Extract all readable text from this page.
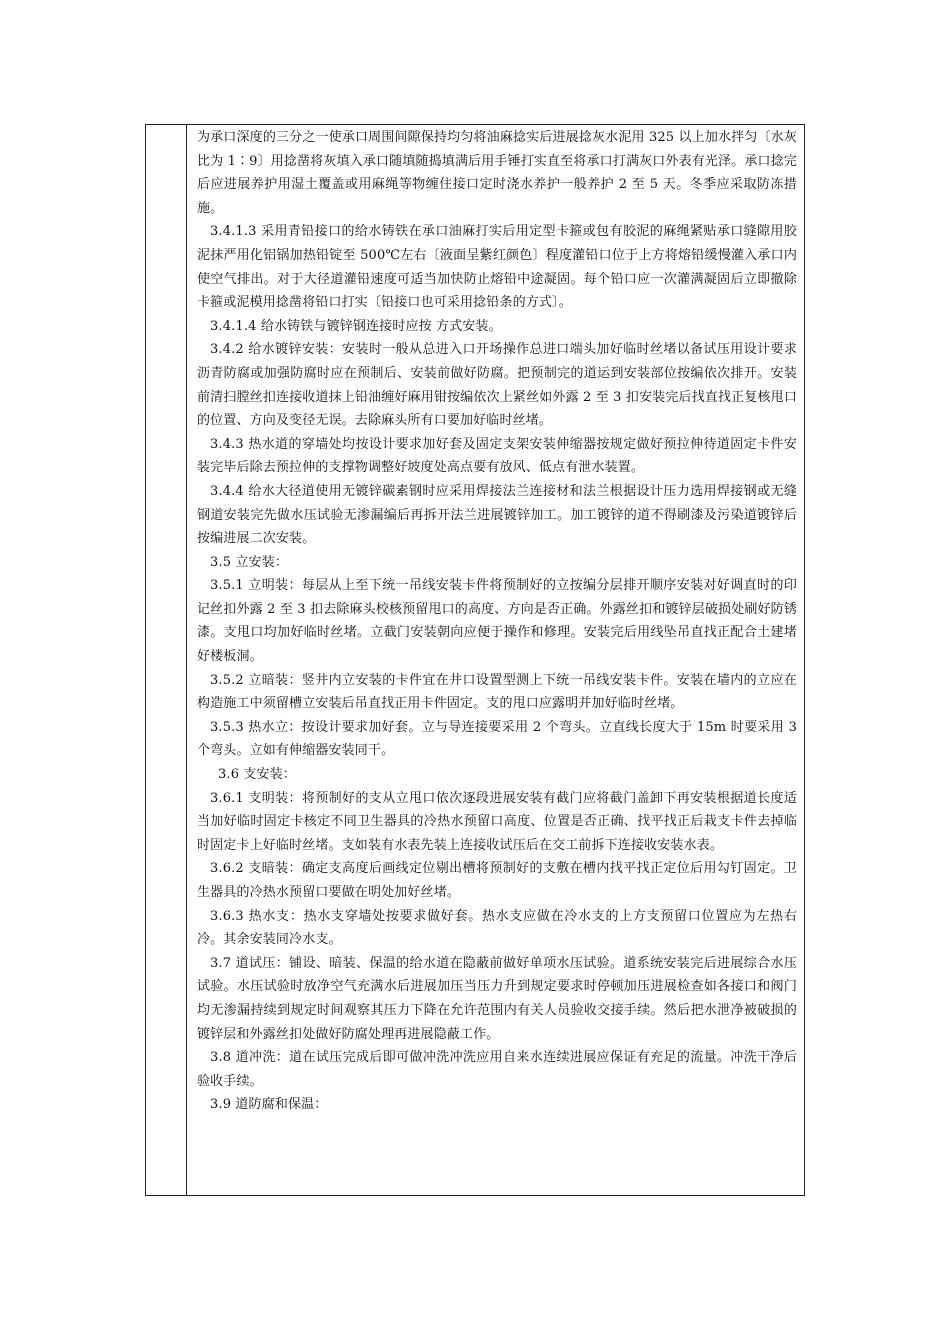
为承口深度的三分之一使承口周围间隙保持均匀将油麻捻实后进展捻灰水泥用 325 以上加水拌匀〔水灰比为 1∶9〕用捻凿将灰填入承口随填随捣填满后用手锤打实直至将承口打满灰口外表有光泽。承口捻完后应进展养护用湿土覆盖或用麻绳等物缠住接口定时浇水养护一般养护 2 至 5 天。冬季应采取防冻措施。

3.4.1.3 采用青铅接口的给水铸铁在承口油麻打实后用定型卡箍或包有胶泥的麻绳紧贴承口缝隙用胶泥抹严用化铝锅加热铅锭至 500℃左右〔液面呈紫红颜色〕程度灌铅口位于上方将熔铅缓慢灌入承口内使空气排出。对于大径道灌铅速度可适当加快防止熔铅中途凝固。每个铅口应一次灌满凝固后立即撤除卡箍或泥模用捻凿将铅口打实〔铅接口也可采用捻铅条的方式〕。

3.4.1.4 给水铸铁与镀锌钢连接时应按 方式安装。

3.4.2 给水镀锌安装：安装时一般从总进入口开场操作总进口端头加好临时丝堵以备试压用设计要求沥青防腐或加强防腐时应在预制后、安装前做好防腐。把预制完的道运到安装部位按编依次排开。安装前清扫膛丝扣连接收道抹上铅油缠好麻用钳按编依次上紧丝如外露 2 至 3 扣安装完后找直找正复核甩口的位置、方向及变径无误。去除麻头所有口要加好临时丝堵。

3.4.3 热水道的穿墙处均按设计要求加好套及固定支架安装伸缩器按规定做好预拉伸待道固定卡件安装完毕后除去预拉伸的支撑物调整好坡度处高点要有放风、低点有泄水装置。

3.4.4 给水大径道使用无镀锌碳素钢时应采用焊接法兰连接材和法兰根据设计压力选用焊接钢或无缝钢道安装完先做水压试验无渗漏编后再拆开法兰进展镀锌加工。加工镀锌的道不得刷漆及污染道镀锌后按编进展二次安装。

3.5 立安装：

3.5.1 立明装：每层从上至下统一吊线安装卡件将预制好的立按编分层排开顺序安装对好调直时的印记丝扣外露 2 至 3 扣去除麻头校核预留甩口的高度、方向是否正确。外露丝扣和镀锌层破损处刷好防锈漆。支甩口均加好临时丝堵。立截门安装朝向应便于操作和修理。安装完后用线坠吊直找正配合土建堵好楼板洞。

3.5.2 立暗装：竖井内立安装的卡件宜在井口设置型测上下统一吊线安装卡件。安装在墙内的立应在构造施工中须留槽立安装后吊直找正用卡件固定。支的甩口应露明并加好临时丝堵。

3.5.3 热水立：按设计要求加好套。立与导连接要采用 2 个弯头。立直线长度大于 15m 时要采用 3 个弯头。立如有伸缩器安装同干。

3.6 支安装：

3.6.1 支明装：将预制好的支从立甩口依次逐段进展安装有截门应将截门盖卸下再安装根据道长度适当加好临时固定卡核定不同卫生器具的冷热水预留口高度、位置是否正确、找平找正后栽支卡件去掉临时固定卡上好临时丝堵。支如装有水表先装上连接收试压后在交工前拆下连接收安装水表。

3.6.2 支暗装：确定支高度后画线定位剔出槽将预制好的支敷在槽内找平找正定位后用勾钉固定。卫生器具的冷热水预留口要做在明处加好丝堵。

3.6.3 热水支：热水支穿墙处按要求做好套。热水支应做在冷水支的上方支预留口位置应为左热右冷。其余安装同冷水支。

3.7 道试压：铺设、暗装、保温的给水道在隐蔽前做好单项水压试验。道系统安装完后进展综合水压试验。水压试验时放净空气充满水后进展加压当压力升到规定要求时停顿加压进展检查如各接口和阀门均无渗漏持续到规定时间观察其压力下降在允许范围内有关人员验收交接手续。然后把水泄净被破损的镀锌层和外露丝扣处做好防腐处理再进展隐蔽工作。

3.8 道冲洗：道在试压完成后即可做冲洗冲洗应用自来水连续进展应保证有充足的流量。冲洗干净后验收手续。

3.9 道防腐和保温：
